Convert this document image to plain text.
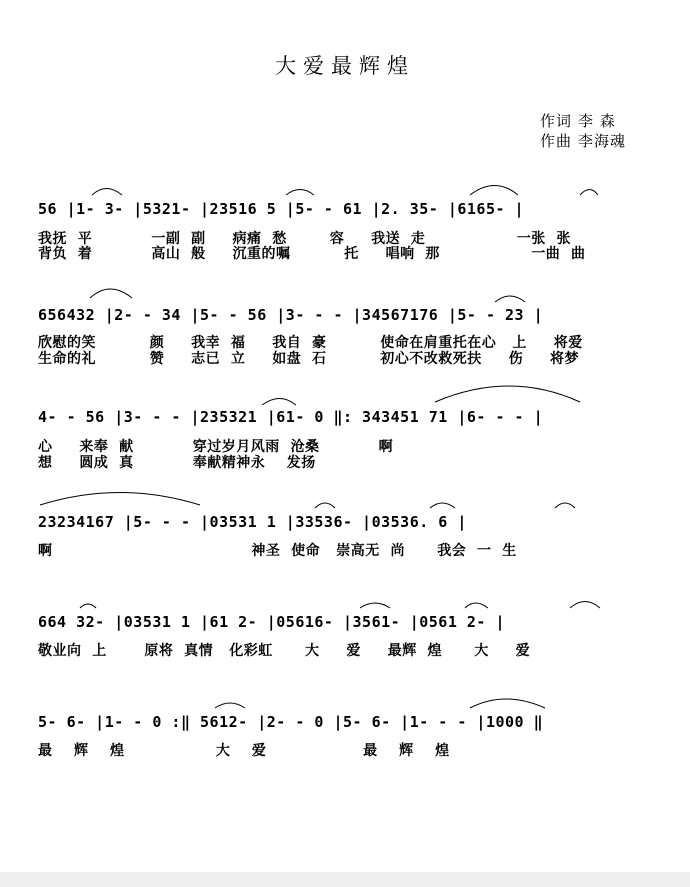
大爱最辉煌
作词 李 森
作曲 李海魂
56 |1- 3- |5321- |23516 5 |5- - 61 |2. 35- |6165- |
我抚  平           一副  副     病痛  愁        容     我送  走                 一张  张
背负  着           高山  般     沉重的嘱          托     唱响  那                 一曲  曲
656432 |2- - 34 |5- - 56 |3- - - |34567176 |5- - 23 |
欣慰的笑          颜     我幸  福     我自  豪          使命在肩重托在心   上     将爱
生命的礼          赞     志已  立     如盘  石          初心不改救死扶     伤     将梦
4- - 56 |3- - - |235321 |61- 0 ‖: 343451 71 |6- - - |
心     来奉  献           穿过岁月风雨  沧桑           啊
想     圆成  真           奉献精神永    发扬
23234167 |5- - - |03531 1 |33536- |03536. 6 |
啊                                     神圣  使命   崇高无  尚      我会  一  生
664 32- |03531 1 |61 2- |05616- |3561- |0561 2- |
敬业向  上       原将  真情   化彩虹      大     爱     最辉  煌      大     爱
5- 6- |1- - 0 :‖ 5612- |2- - 0 |5- 6- |1- - - |1000 ‖
最    辉    煌                 大    爱                  最    辉    煌
